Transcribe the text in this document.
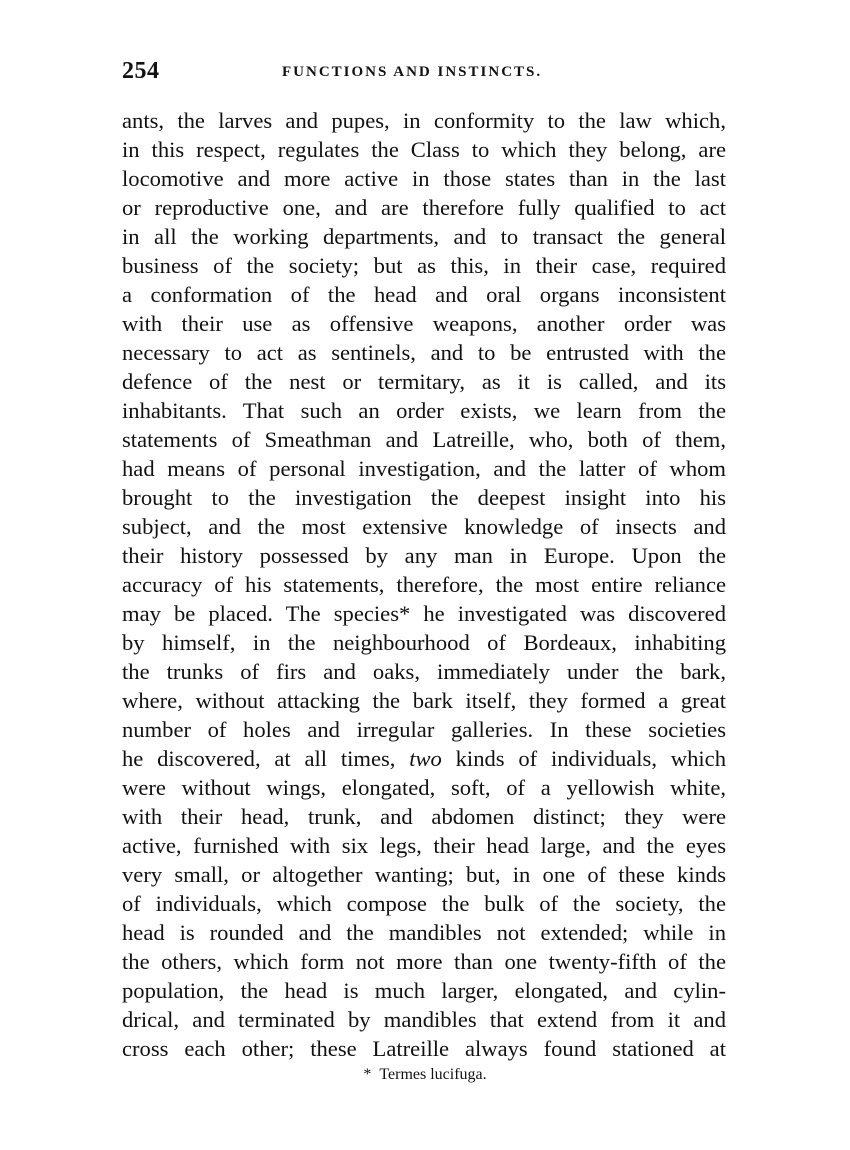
254	FUNCTIONS AND INSTINCTS.
ants, the larves and pupes, in conformity to the law which,
in this respect, regulates the Class to which they belong, are
locomotive and more active in those states than in the last
or reproductive one, and are therefore fully qualified to act
in all the working departments, and to transact the general
business of the society; but as this, in their case, required
a conformation of the head and oral organs inconsistent
with their use as offensive weapons, another order was
necessary to act as sentinels, and to be entrusted with the
defence of the nest or termitary, as it is called, and its
inhabitants. That such an order exists, we learn from the
statements of Smeathman and Latreille, who, both of them,
had means of personal investigation, and the latter of whom
brought to the investigation the deepest insight into his
subject, and the most extensive knowledge of insects and
their history possessed by any man in Europe. Upon the
accuracy of his statements, therefore, the most entire reliance
may be placed. The species* he investigated was discovered
by himself, in the neighbourhood of Bordeaux, inhabiting
the trunks of firs and oaks, immediately under the bark,
where, without attacking the bark itself, they formed a great
number of holes and irregular galleries. In these societies
he discovered, at all times, two kinds of individuals, which
were without wings, elongated, soft, of a yellowish white,
with their head, trunk, and abdomen distinct; they were
active, furnished with six legs, their head large, and the eyes
very small, or altogether wanting; but, in one of these kinds
of individuals, which compose the bulk of the society, the
head is rounded and the mandibles not extended; while in
the others, which form not more than one twenty-fifth of the
population, the head is much larger, elongated, and cylin-
drical, and terminated by mandibles that extend from it and
cross each other; these Latreille always found stationed at
* Termes lucifuga.
